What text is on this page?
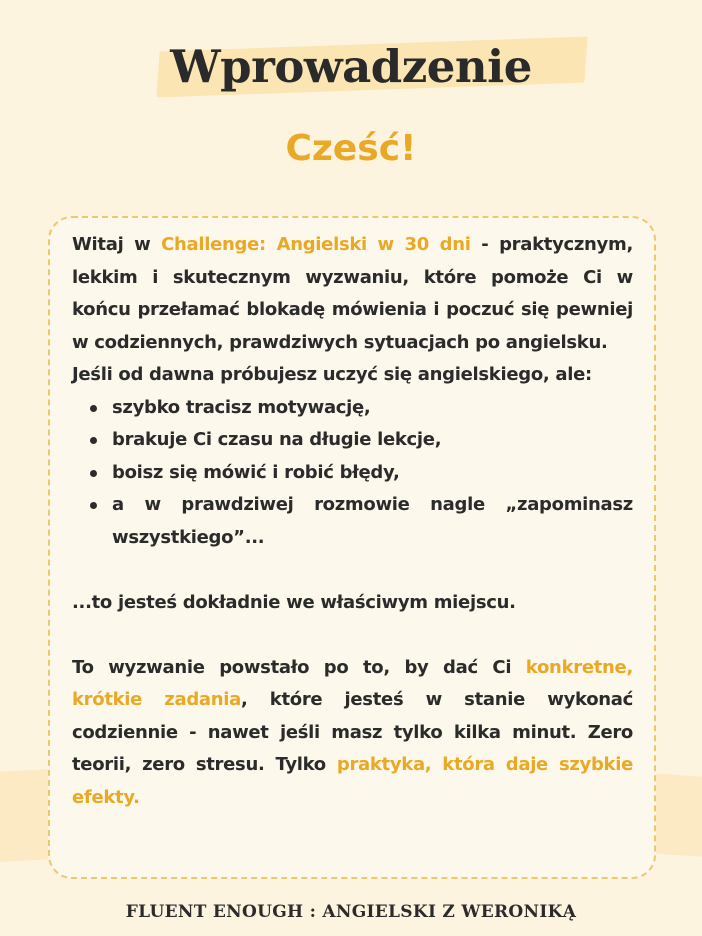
Wprowadzenie
Cześć!

Witaj w Challenge: Angielski w 30 dni - praktycznym, lekkim i skutecznym wyzwaniu, które pomoże Ci w końcu przełamać blokadę mówienia i poczuć się pewniej w codziennych, prawdziwych sytuacjach po angielsku.

Jeśli od dawna próbujesz uczyć się angielskiego, ale:

szybko tracisz motywację,
brakuje Ci czasu na długie lekcje,
boisz się mówić i robić błędy,
a w prawdziwej rozmowie nagle „zapominasz wszystkiego”...

...to jesteś dokładnie we właściwym miejscu.

To wyzwanie powstało po to, by dać Ci konkretne, krótkie zadania, które jesteś w stanie wykonać codziennie - nawet jeśli masz tylko kilka minut. Zero teorii, zero stresu. Tylko praktyka, która daje szybkie efekty.

FLUENT ENOUGH : ANGIELSKI Z WERONIKĄ
